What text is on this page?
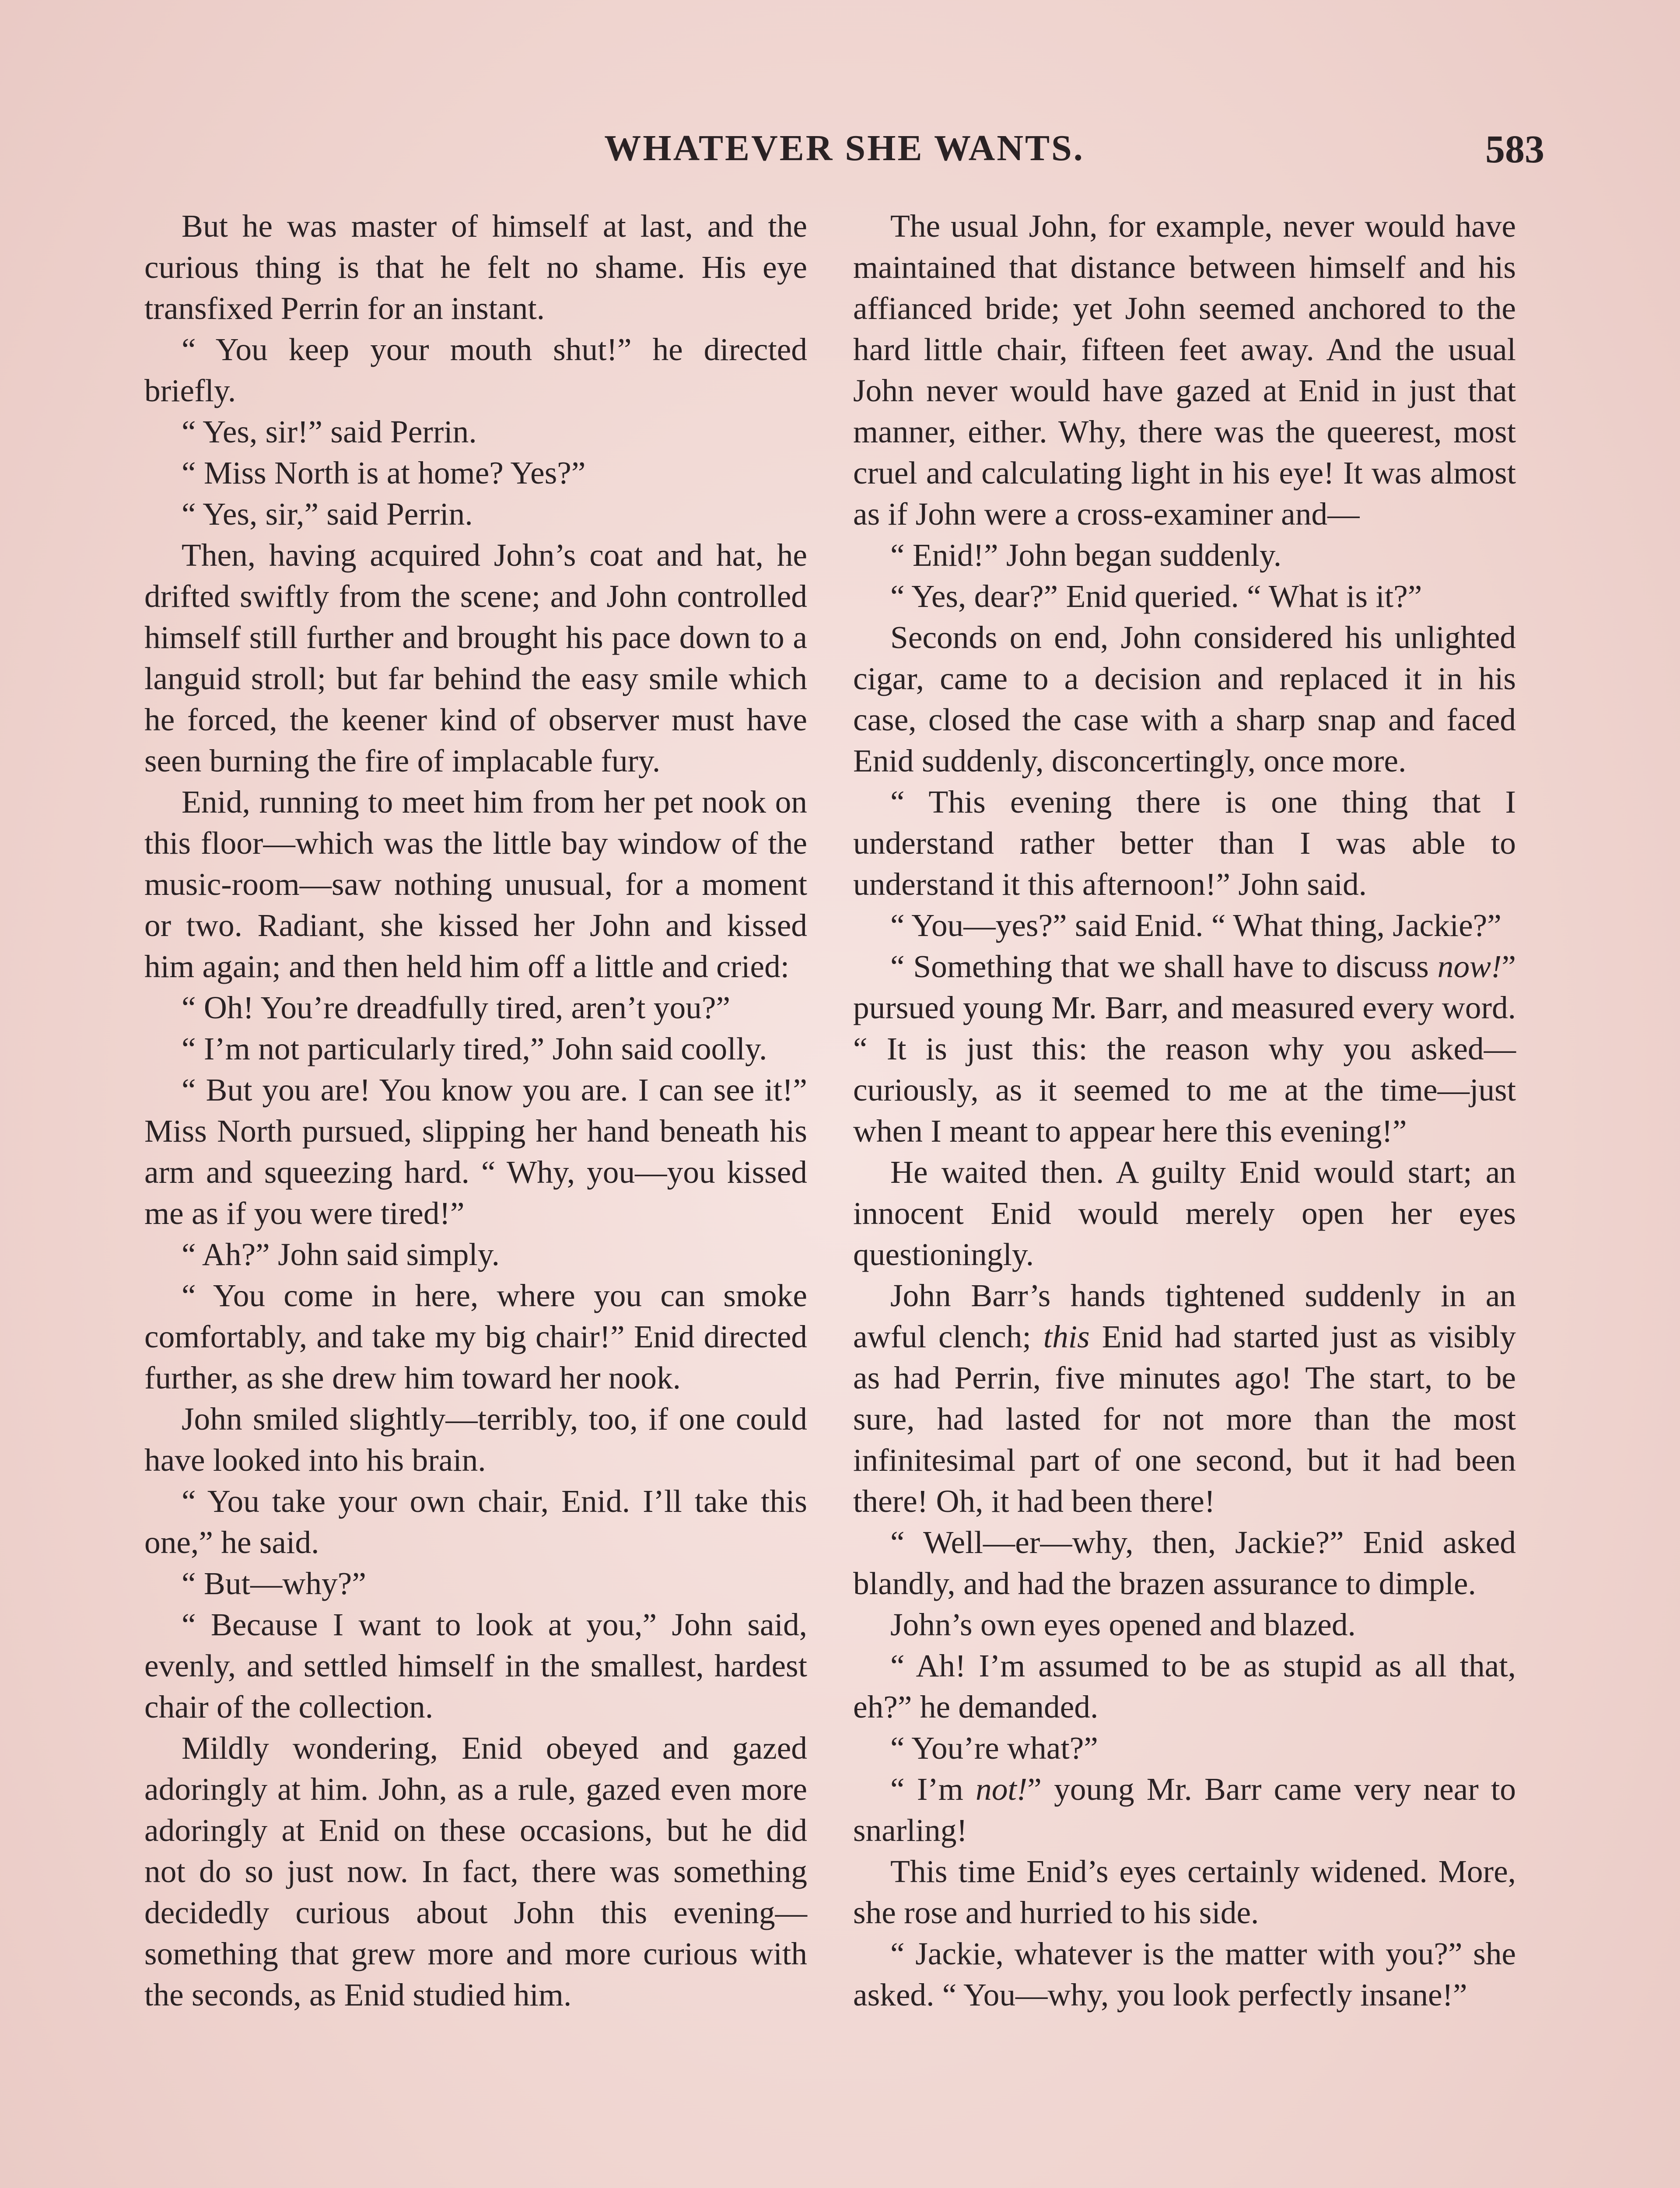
WHATEVER SHE WANTS.	583

But he was master of himself at last, and the curious thing is that he felt no shame. His eye transfixed Perrin for an instant.

“ You keep your mouth shut!” he directed briefly.

“ Yes, sir!” said Perrin.

“ Miss North is at home? Yes?”

“ Yes, sir,” said Perrin.

Then, having acquired John’s coat and hat, he drifted swiftly from the scene; and John controlled himself still further and brought his pace down to a languid stroll; but far behind the easy smile which he forced, the keener kind of observer must have seen burning the fire of implacable fury.

Enid, running to meet him from her pet nook on this floor—which was the little bay window of the music-room—saw nothing unusual, for a moment or two. Radiant, she kissed her John and kissed him again; and then held him off a little and cried:

“ Oh! You’re dreadfully tired, aren’t you?”

“ I’m not particularly tired,” John said coolly.

“ But you are! You know you are. I can see it!” Miss North pursued, slipping her hand beneath his arm and squeezing hard. “ Why, you—you kissed me as if you were tired!”

“ Ah?” John said simply.

“ You come in here, where you can smoke comfortably, and take my big chair!” Enid directed further, as she drew him toward her nook.

John smiled slightly—terribly, too, if one could have looked into his brain.

“ You take your own chair, Enid. I’ll take this one,” he said.

“ But—why?”

“ Because I want to look at you,” John said, evenly, and settled himself in the smallest, hardest chair of the collection.

Mildly wondering, Enid obeyed and gazed adoringly at him. John, as a rule, gazed even more adoringly at Enid on these occasions, but he did not do so just now. In fact, there was something decidedly curious about John this evening—something that grew more and more curious with the seconds, as Enid studied him.

The usual John, for example, never would have maintained that distance between himself and his affianced bride; yet John seemed anchored to the hard little chair, fifteen feet away. And the usual John never would have gazed at Enid in just that manner, either. Why, there was the queerest, most cruel and calculating light in his eye! It was almost as if John were a cross-examiner and—

“ Enid!” John began suddenly.

“ Yes, dear?” Enid queried. “ What is it?”

Seconds on end, John considered his unlighted cigar, came to a decision and replaced it in his case, closed the case with a sharp snap and faced Enid suddenly, disconcertingly, once more.

“ This evening there is one thing that I understand rather better than I was able to understand it this afternoon!” John said.

“ You—yes?” said Enid. “ What thing, Jackie?”

“ Something that we shall have to discuss now!” pursued young Mr. Barr, and measured every word. “ It is just this: the reason why you asked—curiously, as it seemed to me at the time—just when I meant to appear here this evening!”

He waited then. A guilty Enid would start; an innocent Enid would merely open her eyes questioningly.

John Barr’s hands tightened suddenly in an awful clench; this Enid had started just as visibly as had Perrin, five minutes ago! The start, to be sure, had lasted for not more than the most infinitesimal part of one second, but it had been there! Oh, it had been there!

“ Well—er—why, then, Jackie?” Enid asked blandly, and had the brazen assurance to dimple.

John’s own eyes opened and blazed.

“ Ah! I’m assumed to be as stupid as all that, eh?” he demanded.

“ You’re what?”

“ I’m not!” young Mr. Barr came very near to snarling!

This time Enid’s eyes certainly widened. More, she rose and hurried to his side.

“ Jackie, whatever is the matter with you?” she asked. “ You—why, you look perfectly insane!”
